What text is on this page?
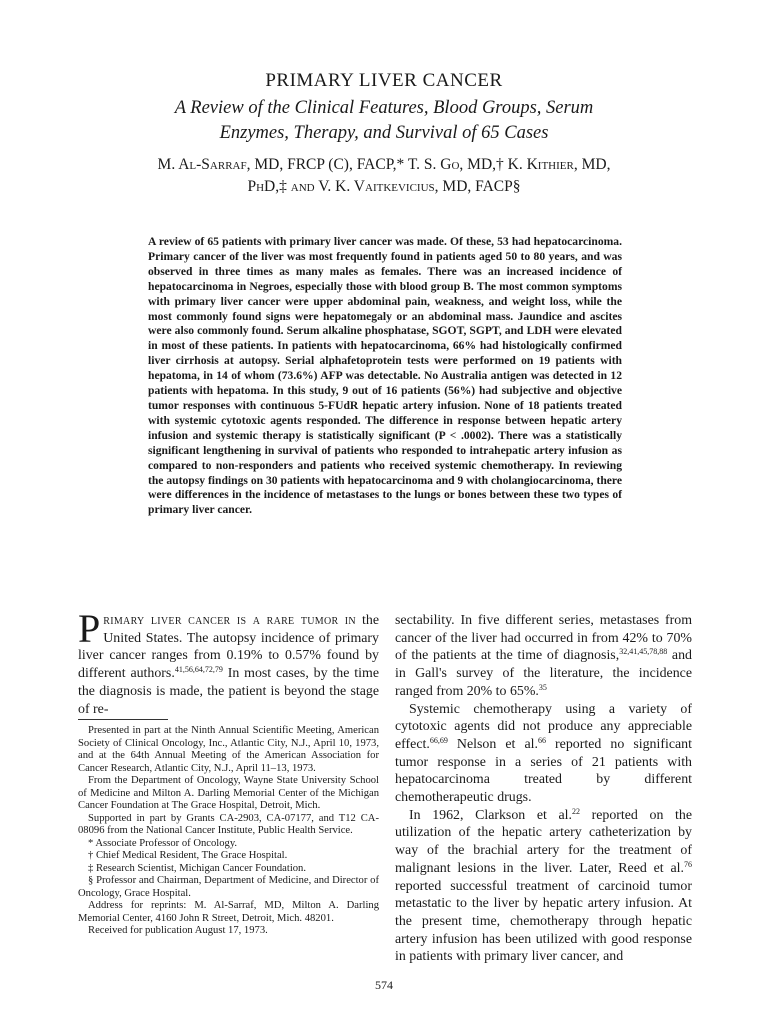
PRIMARY LIVER CANCER
A Review of the Clinical Features, Blood Groups, Serum
Enzymes, Therapy, and Survival of 65 Cases
M. Al-Sarraf, MD, FRCP (C), FACP,* T. S. Go, MD,† K. Kithier, MD,
PhD,‡ and V. K. Vaitkevicius, MD, FACP§
A review of 65 patients with primary liver cancer was made. Of these, 53 had hepatocarcinoma. Primary cancer of the liver was most frequently found in patients aged 50 to 80 years, and was observed in three times as many males as females. There was an increased incidence of hepatocarcinoma in Negroes, especially those with blood group B. The most common symptoms with primary liver cancer were upper abdominal pain, weakness, and weight loss, while the most commonly found signs were hepatomegaly or an abdominal mass. Jaundice and ascites were also commonly found. Serum alkaline phosphatase, SGOT, SGPT, and LDH were elevated in most of these patients. In patients with hepatocarcinoma, 66% had histologically confirmed liver cirrhosis at autopsy. Serial alphafetoprotein tests were performed on 19 patients with hepatoma, in 14 of whom (73.6%) AFP was detectable. No Australia antigen was detected in 12 patients with hepatoma. In this study, 9 out of 16 patients (56%) had subjective and objective tumor responses with continuous 5-FUdR hepatic artery infusion. None of 18 patients treated with systemic cytotoxic agents responded. The difference in response between hepatic artery infusion and systemic therapy is statistically significant (P < .0002). There was a statistically significant lengthening in survival of patients who responded to intrahepatic artery infusion as compared to non-responders and patients who received systemic chemotherapy. In reviewing the autopsy findings on 30 patients with hepatocarcinoma and 9 with cholangiocarcinoma, there were differences in the incidence of metastases to the lungs or bones between these two types of primary liver cancer.

Primary liver cancer is a rare tumor in the United States. The autopsy incidence of primary liver cancer ranges from 0.19% to 0.57% found by different authors.$^{41,56,64,72,79}$ In most cases, by the time the diagnosis is made, the patient is beyond the stage of re-

Presented in part at the Ninth Annual Scientific Meeting, American Society of Clinical Oncology, Inc., Atlantic City, N.J., April 10, 1973, and at the 64th Annual Meeting of the American Association for Cancer Research, Atlantic City, N.J., April 11–13, 1973.

From the Department of Oncology, Wayne State University School of Medicine and Milton A. Darling Memorial Center of the Michigan Cancer Foundation at The Grace Hospital, Detroit, Mich.

Supported in part by Grants CA-2903, CA-07177, and T12 CA-08096 from the National Cancer Institute, Public Health Service.

* Associate Professor of Oncology.

† Chief Medical Resident, The Grace Hospital.

‡ Research Scientist, Michigan Cancer Foundation.

§ Professor and Chairman, Department of Medicine, and Director of Oncology, Grace Hospital.

Address for reprints: M. Al-Sarraf, MD, Milton A. Darling Memorial Center, 4160 John R Street, Detroit, Mich. 48201.

Received for publication August 17, 1973.

sectability. In five different series, metastases from cancer of the liver had occurred in from 42% to 70% of the patients at the time of diagnosis,$^{32,41,45,78,88}$ and in Gall's survey of the literature, the incidence ranged from 20% to 65%.$^{35}$

Systemic chemotherapy using a variety of cytotoxic agents did not produce any appreciable effect.$^{66,69}$ Nelson et al.$^{66}$ reported no significant tumor response in a series of 21 patients with hepatocarcinoma treated by different chemotherapeutic drugs.

In 1962, Clarkson et al.$^{22}$ reported on the utilization of the hepatic artery catheterization by way of the brachial artery for the treatment of malignant lesions in the liver. Later, Reed et al.$^{76}$ reported successful treatment of carcinoid tumor metastatic to the liver by hepatic artery infusion. At the present time, chemotherapy through hepatic artery infusion has been utilized with good response in patients with primary liver cancer, and

574
